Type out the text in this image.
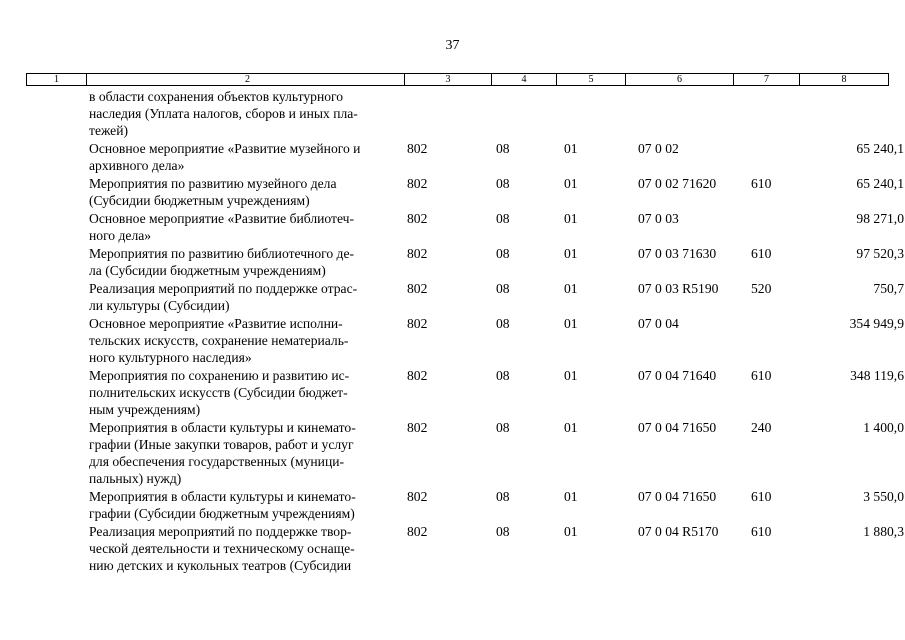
37
1	2	3	4	5	6	7	8

	в области сохранения объектов культурного
наследия (Уплата налогов, сборов и иных пла-
тежей)						

	Основное мероприятие «Развитие музейного и
архивного дела»	802	08	01	07 0 02		65 240,1

	Мероприятия по развитию музейного дела
(Субсидии бюджетным учреждениям)	802	08	01	07 0 02 71620	610	65 240,1

	Основное мероприятие «Развитие библиотеч-
ного дела»	802	08	01	07 0 03		98 271,0

	Мероприятия по развитию библиотечного де-
ла (Субсидии бюджетным учреждениям)	802	08	01	07 0 03 71630	610	97 520,3

	Реализация мероприятий по поддержке отрас-
ли культуры (Субсидии)	802	08	01	07 0 03 R5190	520	750,7

	Основное мероприятие «Развитие исполни-
тельских искусств, сохранение нематериаль-
ного культурного наследия»	802	08	01	07 0 04		354 949,9

	Мероприятия по сохранению и развитию ис-
полнительских искусств (Субсидии бюджет-
ным учреждениям)	802	08	01	07 0 04 71640	610	348 119,6

	Мероприятия в области культуры и кинемато-
графии (Иные закупки товаров, работ и услуг
для обеспечения государственных (муници-
пальных) нужд)	802	08	01	07 0 04 71650	240	1 400,0

	Мероприятия в области культуры и кинемато-
графии (Субсидии бюджетным учреждениям)	802	08	01	07 0 04 71650	610	3 550,0

	Реализация мероприятий по поддержке твор-
ческой деятельности и техническому оснаще-
нию детских и кукольных театров (Субсидии	802	08	01	07 0 04 R5170	610	1 880,3
